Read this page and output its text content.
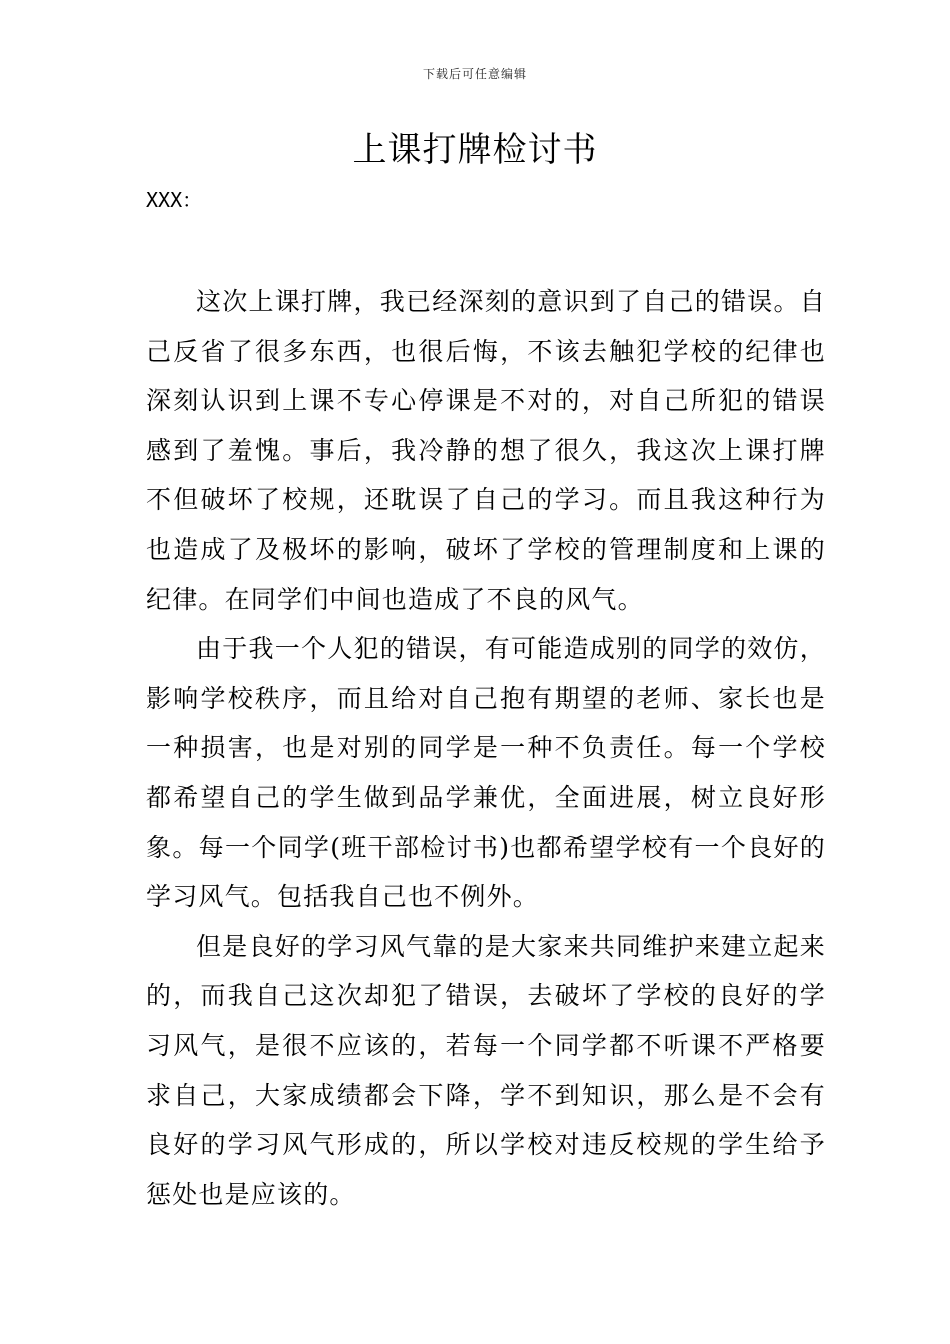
下载后可任意编辑
上课打牌检讨书
XXX：

这次上课打牌，我已经深刻的意识到了自己的错误。自己反省了很多东西，也很后悔，不该去触犯学校的纪律也深刻认识到上课不专心停课是不对的，对自己所犯的错误感到了羞愧。事后，我冷静的想了很久，我这次上课打牌不但破坏了校规，还耽误了自己的学习。而且我这种行为也造成了及极坏的影响，破坏了学校的管理制度和上课的纪律。在同学们中间也造成了不良的风气。

由于我一个人犯的错误，有可能造成别的同学的效仿，影响学校秩序，而且给对自己抱有期望的老师、家长也是一种损害，也是对别的同学是一种不负责任。每一个学校都希望自己的学生做到品学兼优，全面进展，树立良好形象。每一个同学(班干部检讨书)也都希望学校有一个良好的学习风气。包括我自己也不例外。

但是良好的学习风气靠的是大家来共同维护来建立起来的，而我自己这次却犯了错误，去破坏了学校的良好的学习风气，是很不应该的，若每一个同学都不听课不严格要求自己，大家成绩都会下降，学不到知识，那么是不会有良好的学习风气形成的，所以学校对违反校规的学生给予惩处也是应该的。
